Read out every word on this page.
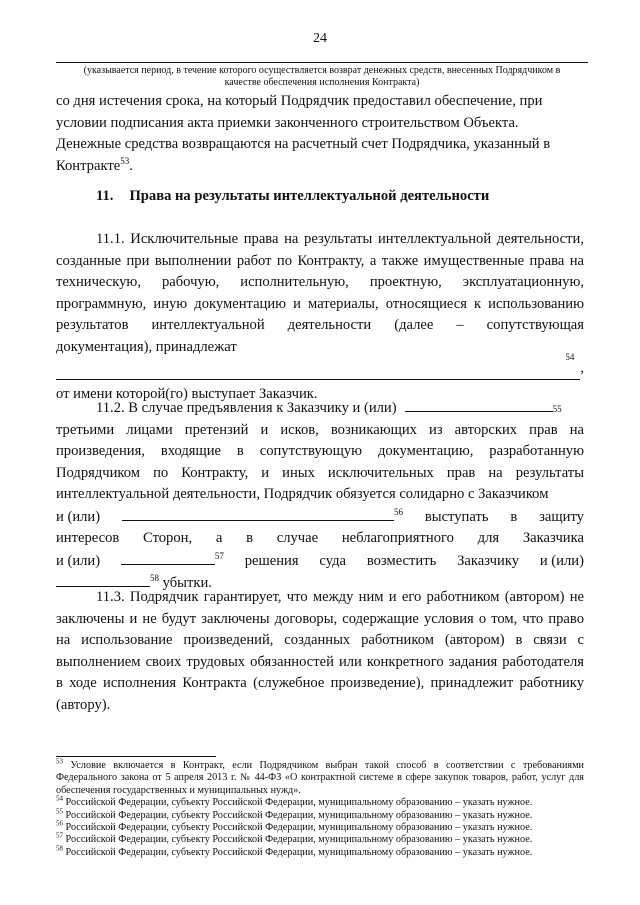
24
(указывается период, в течение которого осуществляется возврат денежных средств, внесенных Подрядчиком в
качестве обеспечения исполнения Контракта)
со дня истечения срока, на который Подрядчик предоставил обеспечение, при
условии подписания акта приемки законченного строительством Объекта.
Денежные средства возвращаются на расчетный счет Подрядчика, указанный в
Контракте$^{53}$.
11. Права на результаты интеллектуальной деятельности
11.1. Исключительные права на результаты интеллектуальной деятельности, созданные при выполнении работ по Контракту, а также имущественные права на техническую, рабочую, исполнительную, проектную, эксплуатационную, программную, иную документацию и материалы, относящиеся к использованию результатов интеллектуальной деятельности (далее – сопутствующая документация), принадлежат
54
,
от имени которой(го) выступает Заказчик.
11.2. В случае предъявления к Заказчику и (или)	55
третьими лицами претензий и исков, возникающих из авторских прав на произведения, входящие в сопутствующую документацию, разработанную Подрядчиком по Контракту, и иных исключительных прав на результаты интеллектуальной деятельности, Подрядчик обязуется солидарно с Заказчиком
и (или)	$^{56}$ выступать в защиту
интересов Сторон, а в случае неблагоприятного для Заказчика
и (или)	$^{57}$ решения суда возместить Заказчику и (или)
$^{58}$ убытки.
11.3. Подрядчик гарантирует, что между ним и его работником (автором) не заключены и не будут заключены договоры, содержащие условия о том, что право на использование произведений, созданных работником (автором) в связи с выполнением своих трудовых обязанностей или конкретного задания работодателя в ходе исполнения Контракта (служебное произведение), принадлежит работнику (автору).
$^{53}$ Условие включается в Контракт, если Подрядчиком выбран такой способ в соответствии с требованиями Федерального закона от 5 апреля 2013 г. № 44-ФЗ «О контрактной системе в сфере закупок товаров, работ, услуг для обеспечения государственных и муниципальных нужд».
$^{54}$ Российской Федерации, субъекту Российской Федерации, муниципальному образованию – указать нужное.
$^{55}$ Российской Федерации, субъекту Российской Федерации, муниципальному образованию – указать нужное.
$^{56}$ Российской Федерации, субъекту Российской Федерации, муниципальному образованию – указать нужное.
$^{57}$ Российской Федерации, субъекту Российской Федерации, муниципальному образованию – указать нужное.
$^{58}$ Российской Федерации, субъекту Российской Федерации, муниципальному образованию – указать нужное.
